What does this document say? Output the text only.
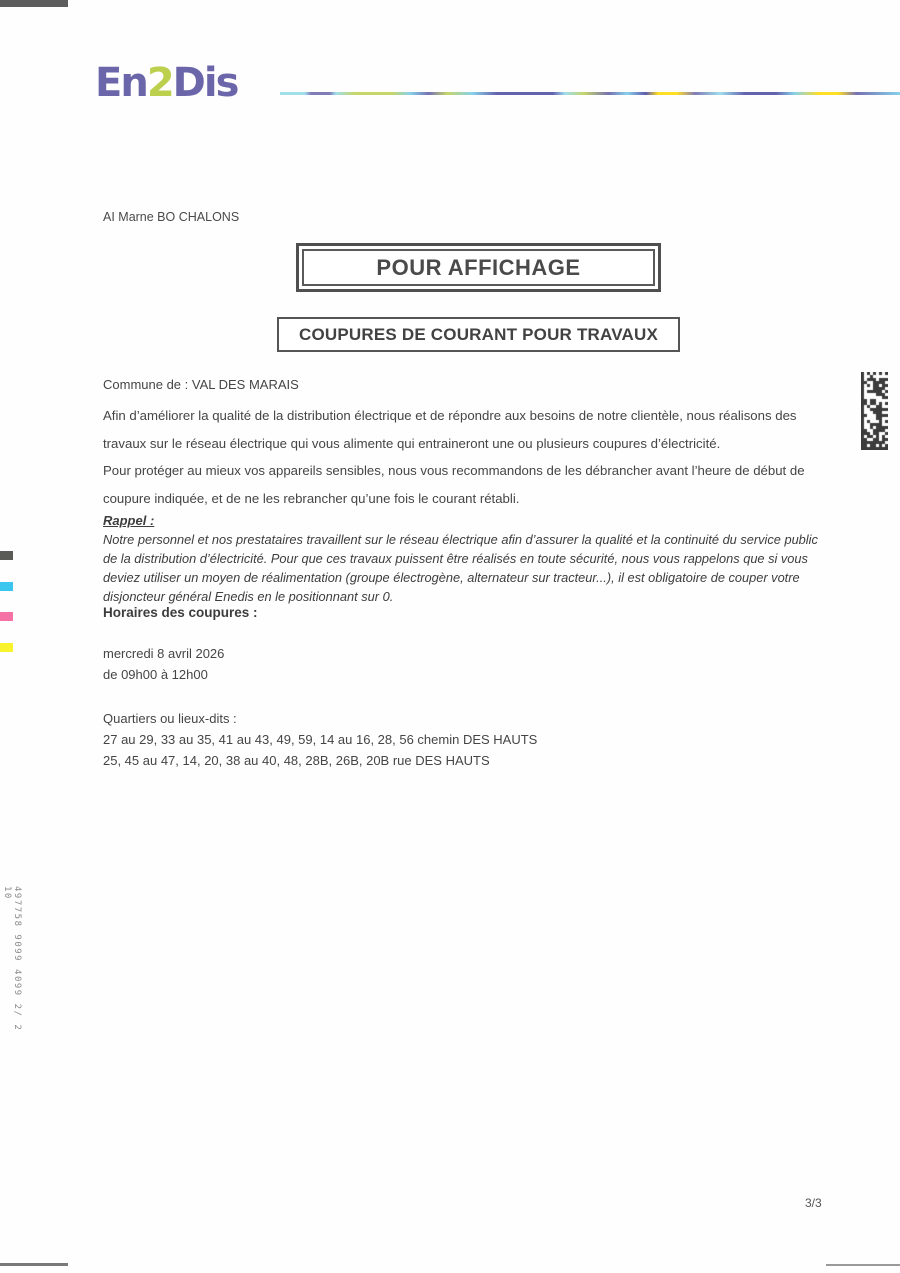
En2Dis
AI Marne BO CHALONS
POUR AFFICHAGE
COUPURES DE COURANT POUR TRAVAUX
Commune de : VAL DES MARAIS
Afin d’améliorer la qualité de la distribution électrique et de répondre aux besoins de notre clientèle, nous réalisons des travaux sur le réseau électrique qui vous alimente qui entraineront une ou plusieurs coupures d’électricité.
Pour protéger au mieux vos appareils sensibles, nous vous recommandons de les débrancher avant l’heure de début de coupure indiquée, et de ne les rebrancher qu’une fois le courant rétabli.
Rappel :
Notre personnel et nos prestataires travaillent sur le réseau électrique afin d’assurer la qualité et la continuité du service public de la distribution d’électricité. Pour que ces travaux puissent être réalisés en toute sécurité, nous vous rappelons que si vous deviez utiliser un moyen de réalimentation (groupe électrogène, alternateur sur tracteur...), il est obligatoire de couper votre disjoncteur général Enedis en le positionnant sur 0.
Horaires des coupures :
mercredi 8 avril 2026
de 09h00 à 12h00
Quartiers ou lieux-dits :
27 au 29, 33 au 35, 41 au 43, 49, 59, 14 au 16, 28, 56 chemin DES HAUTS
25, 45 au 47, 14, 20, 38 au 40, 48, 28B, 26B, 20B rue DES HAUTS
497758 9099 4099 2/ 2 10
3/3
